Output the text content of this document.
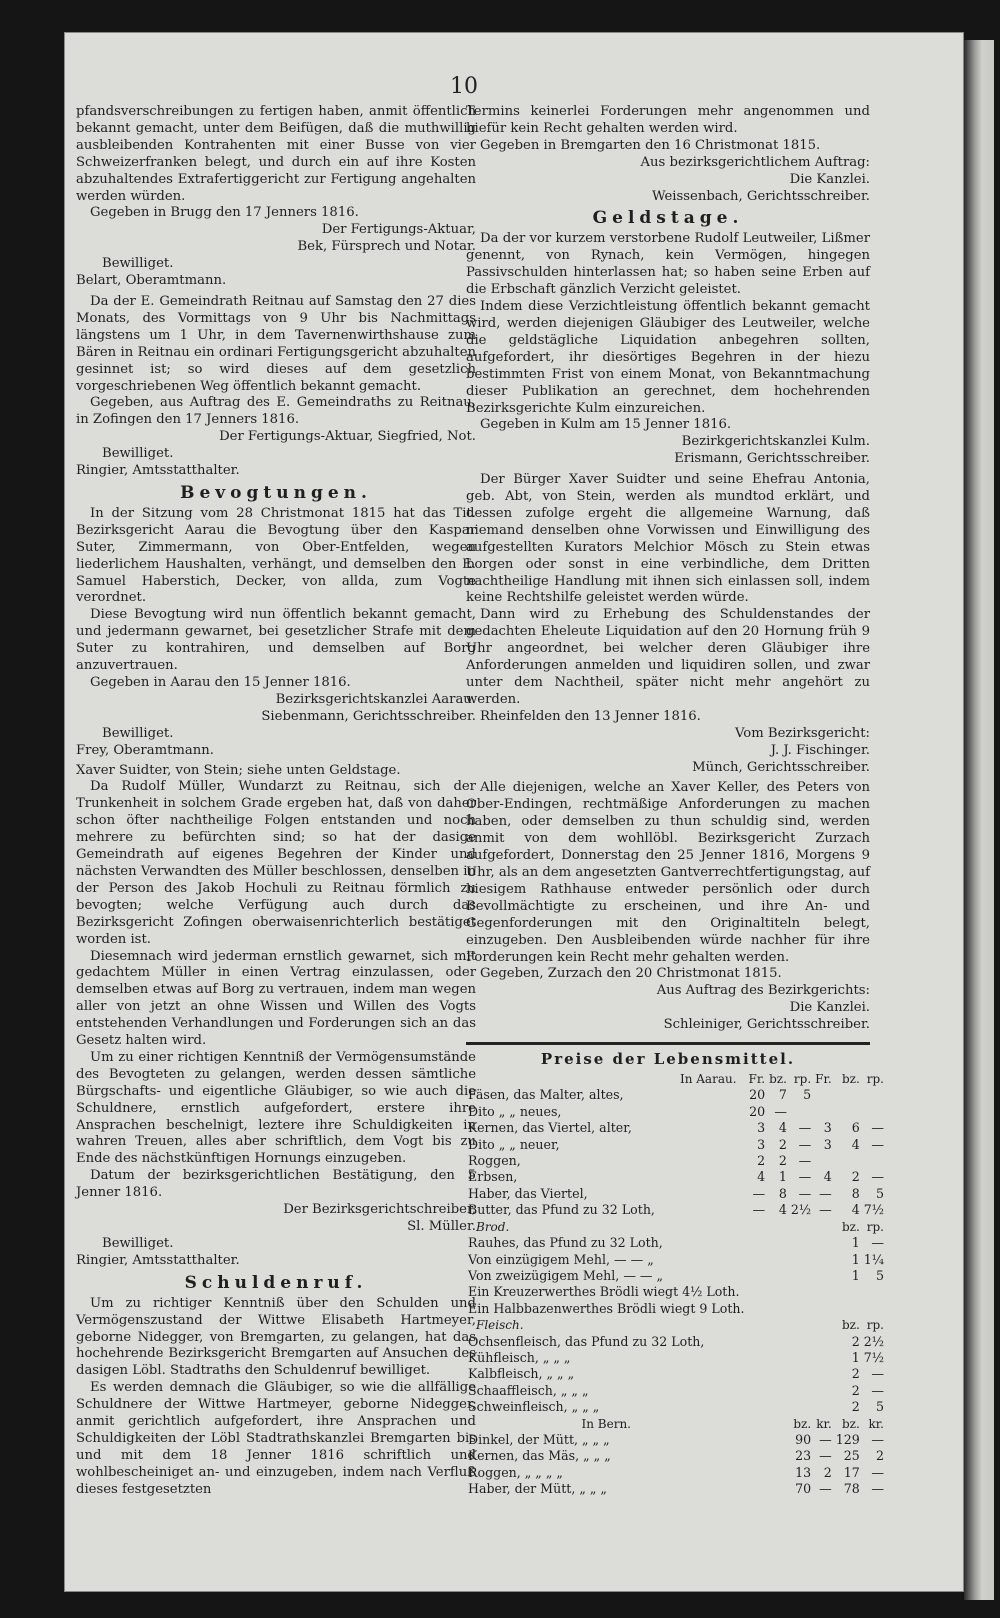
10

pfandsverschreibungen zu fertigen haben, anmit öffentlich bekannt gemacht, unter dem Beifügen, daß die muthwillig ausbleibenden Kontrahenten mit einer Busse von vier Schweizerfranken belegt, und durch ein auf ihre Kosten abzuhaltendes Extrafertiggericht zur Fertigung angehalten werden würden.

Gegeben in Brugg den 17 Jenners 1816.

Der Fertigungs-Aktuar,

Bek, Fürsprech und Notar.

Bewilliget.

Belart, Oberamtmann.

Da der E. Gemeindrath Reitnau auf Samstag den 27 dies Monats, des Vormittags von 9 Uhr bis Nachmittags längstens um 1 Uhr, in dem Tavernenwirthshause zum Bären in Reitnau ein ordinari Fertigungsgericht abzuhalten gesinnet ist; so wird dieses auf dem gesetzlich vorgeschriebenen Weg öffentlich bekannt gemacht.

Gegeben, aus Auftrag des E. Gemeindraths zu Reitnau, in Zofingen den 17 Jenners 1816.

Der Fertigungs-Aktuar, Siegfried, Not.

Bewilliget.

Ringier, Amtsstatthalter.

Bevogtungen.

In der Sitzung vom 28 Christmonat 1815 hat das Tit. Bezirksgericht Aarau die Bevogtung über den Kaspar Suter, Zimmermann, von Ober-Entfelden, wegen liederlichem Haushalten, verhängt, und demselben den E. Samuel Haberstich, Decker, von allda, zum Vogte verordnet.

Diese Bevogtung wird nun öffentlich bekannt gemacht, und jedermann gewarnet, bei gesetzlicher Strafe mit dem Suter zu kontrahiren, und demselben auf Borg anzuvertrauen.

Gegeben in Aarau den 15 Jenner 1816.

Bezirksgerichtskanzlei Aarau.

Siebenmann, Gerichtsschreiber.

Bewilliget.

Frey, Oberamtmann.

Xaver Suidter, von Stein; siehe unten Geldstage.

Da Rudolf Müller, Wundarzt zu Reitnau, sich der Trunkenheit in solchem Grade ergeben hat, daß von daher schon öfter nachtheilige Folgen entstanden und noch mehrere zu befürchten sind; so hat der dasige Gemeindrath auf eigenes Begehren der Kinder und nächsten Verwandten des Müller beschlossen, denselben in der Person des Jakob Hochuli zu Reitnau förmlich zu bevogten; welche Verfügung auch durch das Bezirksgericht Zofingen oberwaisenrichterlich bestätiget worden ist.

Diesemnach wird jederman ernstlich gewarnet, sich mit gedachtem Müller in einen Vertrag einzulassen, oder demselben etwas auf Borg zu vertrauen, indem man wegen aller von jetzt an ohne Wissen und Willen des Vogts entstehenden Verhandlungen und Forderungen sich an das Gesetz halten wird.

Um zu einer richtigen Kenntniß der Vermögensumstände des Bevogteten zu gelangen, werden dessen sämtliche Bürgschafts- und eigentliche Gläubiger, so wie auch die Schuldnere, ernstlich aufgefordert, erstere ihre Ansprachen beschelnigt, leztere ihre Schuldigkeiten in wahren Treuen, alles aber schriftlich, dem Vogt bis zu Ende des nächstkünftigen Hornungs einzugeben.

Datum der bezirksgerichtlichen Bestätigung, den 5 Jenner 1816.

Der Bezirksgerichtschreiber,

Sl. Müller.

Bewilliget.

Ringier, Amtsstatthalter.

Schuldenruf.

Um zu richtiger Kenntniß über den Schulden und Vermögenszustand der Wittwe Elisabeth Hartmeyer, geborne Nidegger, von Bremgarten, zu gelangen, hat das hochehrende Bezirksgericht Bremgarten auf Ansuchen des dasigen Löbl. Stadtraths den Schuldenruf bewilliget.

Es werden demnach die Gläubiger, so wie die allfällige Schuldnere der Wittwe Hartmeyer, geborne Nidegger, anmit gerichtlich aufgefordert, ihre Ansprachen und Schuldigkeiten der Löbl Stadtrathskanzlei Bremgarten bis und mit dem 18 Jenner 1816 schriftlich und wohlbescheiniget an- und einzugeben, indem nach Verfluß dieses festgesetzten

Termins keinerlei Forderungen mehr angenommen und hiefür kein Recht gehalten werden wird.

Gegeben in Bremgarten den 16 Christmonat 1815.

Aus bezirksgerichtlichem Auftrag:

Die Kanzlei.

Weissenbach, Gerichtsschreiber.

Geldstage.

Da der vor kurzem verstorbene Rudolf Leutweiler, Lißmer genennt, von Rynach, kein Vermögen, hingegen Passivschulden hinterlassen hat; so haben seine Erben auf die Erbschaft gänzlich Verzicht geleistet.

Indem diese Verzichtleistung öffentlich bekannt gemacht wird, werden diejenigen Gläubiger des Leutweiler, welche die geldstägliche Liquidation anbegehren sollten, aufgefordert, ihr diesörtiges Begehren in der hiezu bestimmten Frist von einem Monat, von Bekanntmachung dieser Publikation an gerechnet, dem hochehrenden Bezirksgerichte Kulm einzureichen.

Gegeben in Kulm am 15 Jenner 1816.

Bezirkgerichtskanzlei Kulm.

Erismann, Gerichtsschreiber.

Der Bürger Xaver Suidter und seine Ehefrau Antonia, geb. Abt, von Stein, werden als mundtod erklärt, und dessen zufolge ergeht die allgemeine Warnung, daß niemand denselben ohne Vorwissen und Einwilligung des aufgestellten Kurators Melchior Mösch zu Stein etwas borgen oder sonst in eine verbindliche, dem Dritten nachtheilige Handlung mit ihnen sich einlassen soll, indem keine Rechtshilfe geleistet werden würde.

Dann wird zu Erhebung des Schuldenstandes der gedachten Eheleute Liquidation auf den 20 Hornung früh 9 Uhr angeordnet, bei welcher deren Gläubiger ihre Anforderungen anmelden und liquidiren sollen, und zwar unter dem Nachtheil, später nicht mehr angehört zu werden.

Rheinfelden den 13 Jenner 1816.

Vom Bezirksgericht:

J. J. Fischinger.

Münch, Gerichtsschreiber.

Alle diejenigen, welche an Xaver Keller, des Peters von Ober-Endingen, rechtmäßige Anforderungen zu machen haben, oder demselben zu thun schuldig sind, werden anmit von dem wohllöbl. Bezirksgericht Zurzach aufgefordert, Donnerstag den 25 Jenner 1816, Morgens 9 Uhr, als an dem angesetzten Gantverrechtfertigungstag, auf hiesigem Rathhause entweder persönlich oder durch Bevollmächtigte zu erscheinen, und ihre An- und Gegenforderungen mit den Originaltiteln belegt, einzugeben. Den Ausbleibenden würde nachher für ihre Forderungen kein Recht mehr gehalten werden.

Gegeben, Zurzach den 20 Christmonat 1815.

Aus Auftrag des Bezirkgerichts:

Die Kanzlei.

Schleiniger, Gerichtsschreiber.

Preise der Lebensmittel.
In Aarau.	Fr.	bz.	rp.	Fr.	bz.	rp.
Fäsen, das Malter, altes,	20	7	5			
Dito „ „ neues,	20	—				
Kernen, das Viertel, alter,	3	4	—	3	6	—
Dito „ „ neuer,	3	2	—	3	4	—
Roggen,	2	2	—			
Erbsen,	4	1	—	4	2	—
Haber, das Viertel,	—	8	—	—	8	5
Butter, das Pfund zu 32 Loth,	—	4	2½	—	4	7½
Brod.					bz.	rp.
Rauhes, das Pfund zu 32 Loth,					1	—
Von einzügigem Mehl, — — „					1	1¼
Von zweizügigem Mehl, — — „					1	5
Ein Kreuzerwerthes Brödli wiegt 4½ Loth.						
Ein Halbbazenwerthes Brödli wiegt 9 Loth.						
Fleisch.					bz.	rp.
Ochsenfleisch, das Pfund zu 32 Loth,					2	2½
Kühfleisch, „ „ „					1	7½
Kalbfleisch, „ „ „					2	—
Schaaffleisch, „ „ „					2	—
Schweinfleisch, „ „ „					2	5
In Bern.			bz.	kr.	bz.	kr.
Dinkel, der Mütt, „ „ „			90	—	129	—
Kernen, das Mäs, „ „ „			23	—	25	2
Roggen, „ „ „ „			13	2	17	—
Haber, der Mütt, „ „ „			70	—	78	—
